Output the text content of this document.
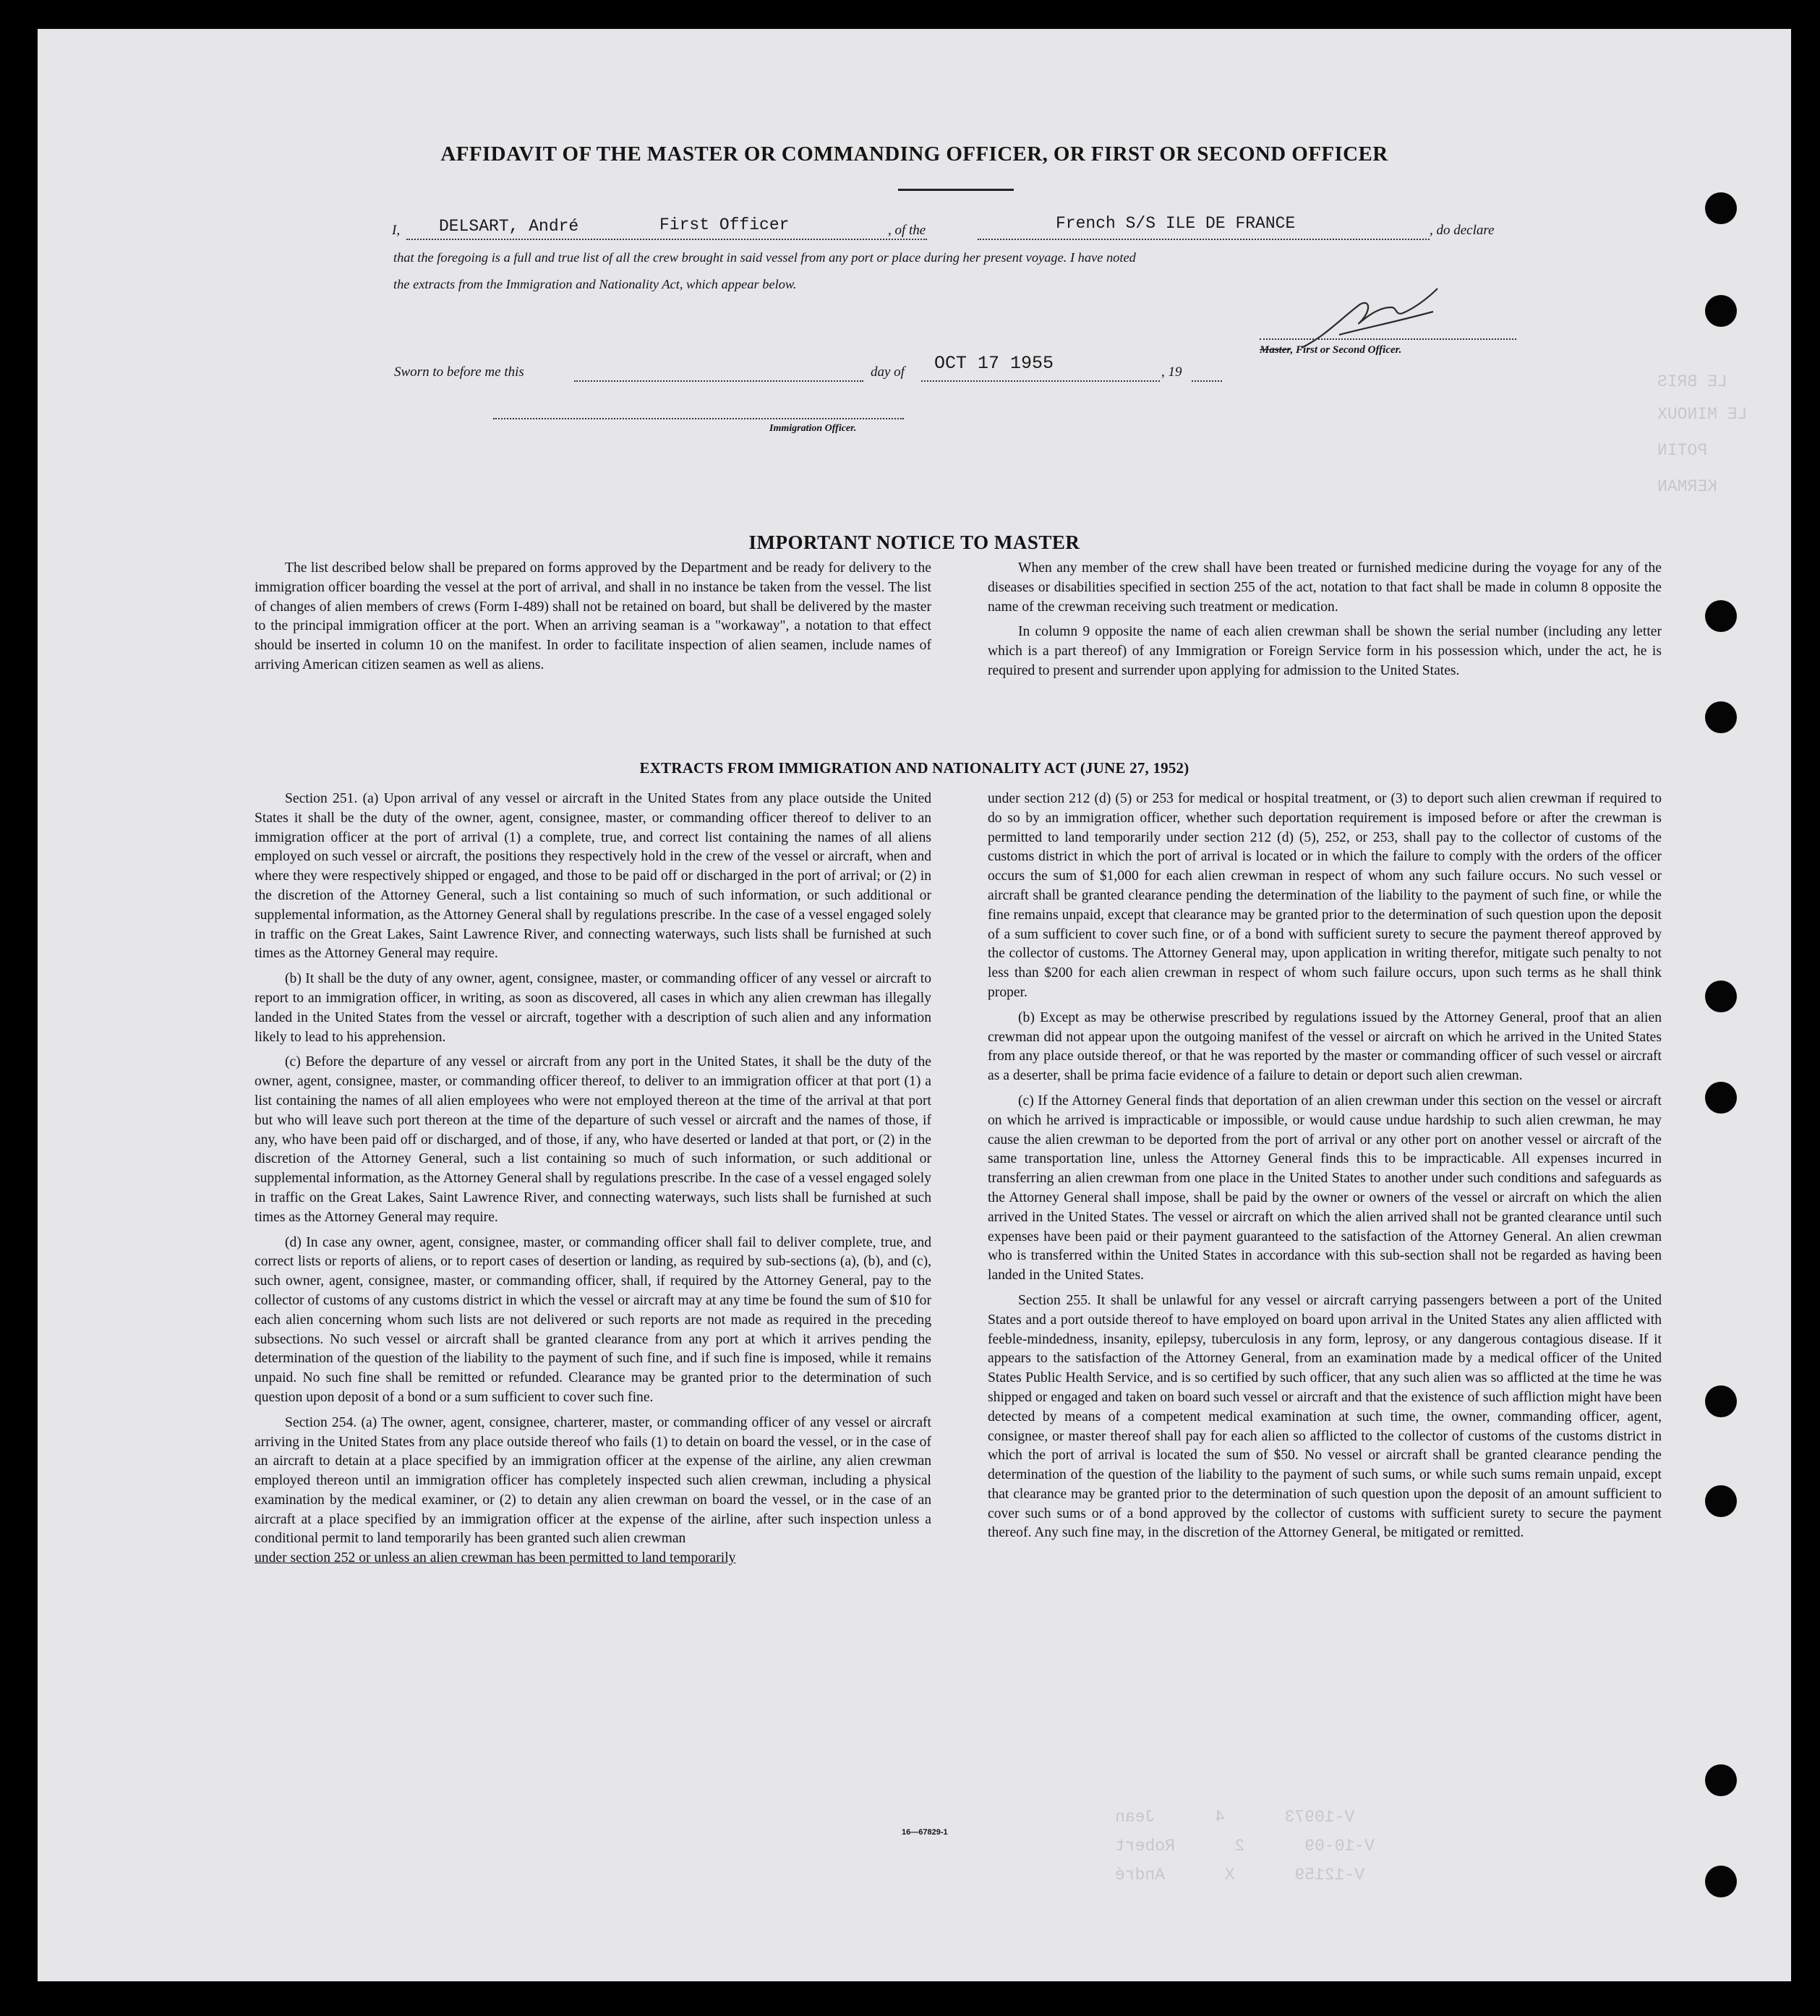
V-10973      4      Jean
V-10-09      2      Robert
V-12159      X      André
LE BRIS
LE MINOUX
POTIN
KERMAN
AFFIDAVIT OF THE MASTER OR COMMANDING OFFICER, OR FIRST OR SECOND OFFICER
I, DELSART, André	First Officer	, of the	French S/S ILE DE FRANCE	, do declare
that the foregoing is a full and true list of all the crew brought in said vessel from any port or place during her present voyage. I have noted
the extracts from the Immigration and Nationality Act, which appear below.
Master, First or Second Officer.
Sworn to before me this	day of OCT 17 1955	, 19
Immigration Officer.
IMPORTANT NOTICE TO MASTER

The list described below shall be prepared on forms approved by the Department and be ready for delivery to the immigration officer boarding the vessel at the port of arrival, and shall in no instance be taken from the vessel. The list of changes of alien members of crews (Form I-489) shall not be retained on board, but shall be delivered by the master to the principal immigration officer at the port. When an arriving seaman is a "workaway", a notation to that effect should be inserted in column 10 on the manifest. In order to facilitate inspection of alien seamen, include names of arriving American citizen seamen as well as aliens.

When any member of the crew shall have been treated or furnished medicine during the voyage for any of the diseases or disabilities specified in section 255 of the act, notation to that fact shall be made in column 8 opposite the name of the crewman receiving such treatment or medication.

In column 9 opposite the name of each alien crewman shall be shown the serial number (including any letter which is a part thereof) of any Immigration or Foreign Service form in his possession which, under the act, he is required to present and surrender upon applying for admission to the United States.

EXTRACTS FROM IMMIGRATION AND NATIONALITY ACT (JUNE 27, 1952)

Section 251. (a) Upon arrival of any vessel or aircraft in the United States from any place outside the United States it shall be the duty of the owner, agent, consignee, master, or commanding officer thereof to deliver to an immigration officer at the port of arrival (1) a complete, true, and correct list containing the names of all aliens employed on such vessel or aircraft, the positions they respectively hold in the crew of the vessel or aircraft, when and where they were respectively shipped or engaged, and those to be paid off or discharged in the port of arrival; or (2) in the discretion of the Attorney General, such a list containing so much of such information, or such additional or supplemental information, as the Attorney General shall by regulations prescribe. In the case of a vessel engaged solely in traffic on the Great Lakes, Saint Lawrence River, and connecting waterways, such lists shall be furnished at such times as the Attorney General may require.

(b) It shall be the duty of any owner, agent, consignee, master, or commanding officer of any vessel or aircraft to report to an immigration officer, in writing, as soon as discovered, all cases in which any alien crewman has illegally landed in the United States from the vessel or aircraft, together with a description of such alien and any information likely to lead to his apprehension.

(c) Before the departure of any vessel or aircraft from any port in the United States, it shall be the duty of the owner, agent, consignee, master, or commanding officer thereof, to deliver to an immigration officer at that port (1) a list containing the names of all alien employees who were not employed thereon at the time of the arrival at that port but who will leave such port thereon at the time of the departure of such vessel or aircraft and the names of those, if any, who have been paid off or discharged, and of those, if any, who have deserted or landed at that port, or (2) in the discretion of the Attorney General, such a list containing so much of such information, or such additional or supplemental information, as the Attorney General shall by regulations prescribe. In the case of a vessel engaged solely in traffic on the Great Lakes, Saint Lawrence River, and connecting waterways, such lists shall be furnished at such times as the Attorney General may require.

(d) In case any owner, agent, consignee, master, or commanding officer shall fail to deliver complete, true, and correct lists or reports of aliens, or to report cases of desertion or landing, as required by sub-sections (a), (b), and (c), such owner, agent, consignee, master, or commanding officer, shall, if required by the Attorney General, pay to the collector of customs of any customs district in which the vessel or aircraft may at any time be found the sum of $10 for each alien concerning whom such lists are not delivered or such reports are not made as required in the preceding subsections. No such vessel or aircraft shall be granted clearance from any port at which it arrives pending the determination of the question of the liability to the payment of such fine, and if such fine is imposed, while it remains unpaid. No such fine shall be remitted or refunded. Clearance may be granted prior to the determination of such question upon deposit of a bond or a sum sufficient to cover such fine.

Section 254. (a) The owner, agent, consignee, charterer, master, or commanding officer of any vessel or aircraft arriving in the United States from any place outside thereof who fails (1) to detain on board the vessel, or in the case of an aircraft to detain at a place specified by an immigration officer at the expense of the airline, any alien crewman employed thereon until an immigration officer has completely inspected such alien crewman, including a physical examination by the medical examiner, or (2) to detain any alien crewman on board the vessel, or in the case of an aircraft at a place specified by an immigration officer at the expense of the airline, after such inspection unless a conditional permit to land temporarily has been granted such alien crewman

under section 252 or unless an alien crewman has been permitted to land temporarily

under section 212 (d) (5) or 253 for medical or hospital treatment, or (3) to deport such alien crewman if required to do so by an immigration officer, whether such deportation requirement is imposed before or after the crewman is permitted to land temporarily under section 212 (d) (5), 252, or 253, shall pay to the collector of customs of the customs district in which the port of arrival is located or in which the failure to comply with the orders of the officer occurs the sum of $1,000 for each alien crewman in respect of whom any such failure occurs. No such vessel or aircraft shall be granted clearance pending the determination of the liability to the payment of such fine, or while the fine remains unpaid, except that clearance may be granted prior to the determination of such question upon the deposit of a sum sufficient to cover such fine, or of a bond with sufficient surety to secure the payment thereof approved by the collector of customs. The Attorney General may, upon application in writing therefor, mitigate such penalty to not less than $200 for each alien crewman in respect of whom such failure occurs, upon such terms as he shall think proper.

(b) Except as may be otherwise prescribed by regulations issued by the Attorney General, proof that an alien crewman did not appear upon the outgoing manifest of the vessel or aircraft on which he arrived in the United States from any place outside thereof, or that he was reported by the master or commanding officer of such vessel or aircraft as a deserter, shall be prima facie evidence of a failure to detain or deport such alien crewman.

(c) If the Attorney General finds that deportation of an alien crewman under this section on the vessel or aircraft on which he arrived is impracticable or impossible, or would cause undue hardship to such alien crewman, he may cause the alien crewman to be deported from the port of arrival or any other port on another vessel or aircraft of the same transportation line, unless the Attorney General finds this to be impracticable. All expenses incurred in transferring an alien crewman from one place in the United States to another under such conditions and safeguards as the Attorney General shall impose, shall be paid by the owner or owners of the vessel or aircraft on which the alien arrived in the United States. The vessel or aircraft on which the alien arrived shall not be granted clearance until such expenses have been paid or their payment guaranteed to the satisfaction of the Attorney General. An alien crewman who is transferred within the United States in accordance with this sub-section shall not be regarded as having been landed in the United States.

Section 255. It shall be unlawful for any vessel or aircraft carrying passengers between a port of the United States and a port outside thereof to have employed on board upon arrival in the United States any alien afflicted with feeble-mindedness, insanity, epilepsy, tuberculosis in any form, leprosy, or any dangerous contagious disease. If it appears to the satisfaction of the Attorney General, from an examination made by a medical officer of the United States Public Health Service, and is so certified by such officer, that any such alien was so afflicted at the time he was shipped or engaged and taken on board such vessel or aircraft and that the existence of such affliction might have been detected by means of a competent medical examination at such time, the owner, commanding officer, agent, consignee, or master thereof shall pay for each alien so afflicted to the collector of customs of the customs district in which the port of arrival is located the sum of $50. No vessel or aircraft shall be granted clearance pending the determination of the question of the liability to the payment of such sums, or while such sums remain unpaid, except that clearance may be granted prior to the determination of such question upon the deposit of an amount sufficient to cover such sums or of a bond approved by the collector of customs with sufficient surety to secure the payment thereof. Any such fine may, in the discretion of the Attorney General, be mitigated or remitted.

16—67829-1
